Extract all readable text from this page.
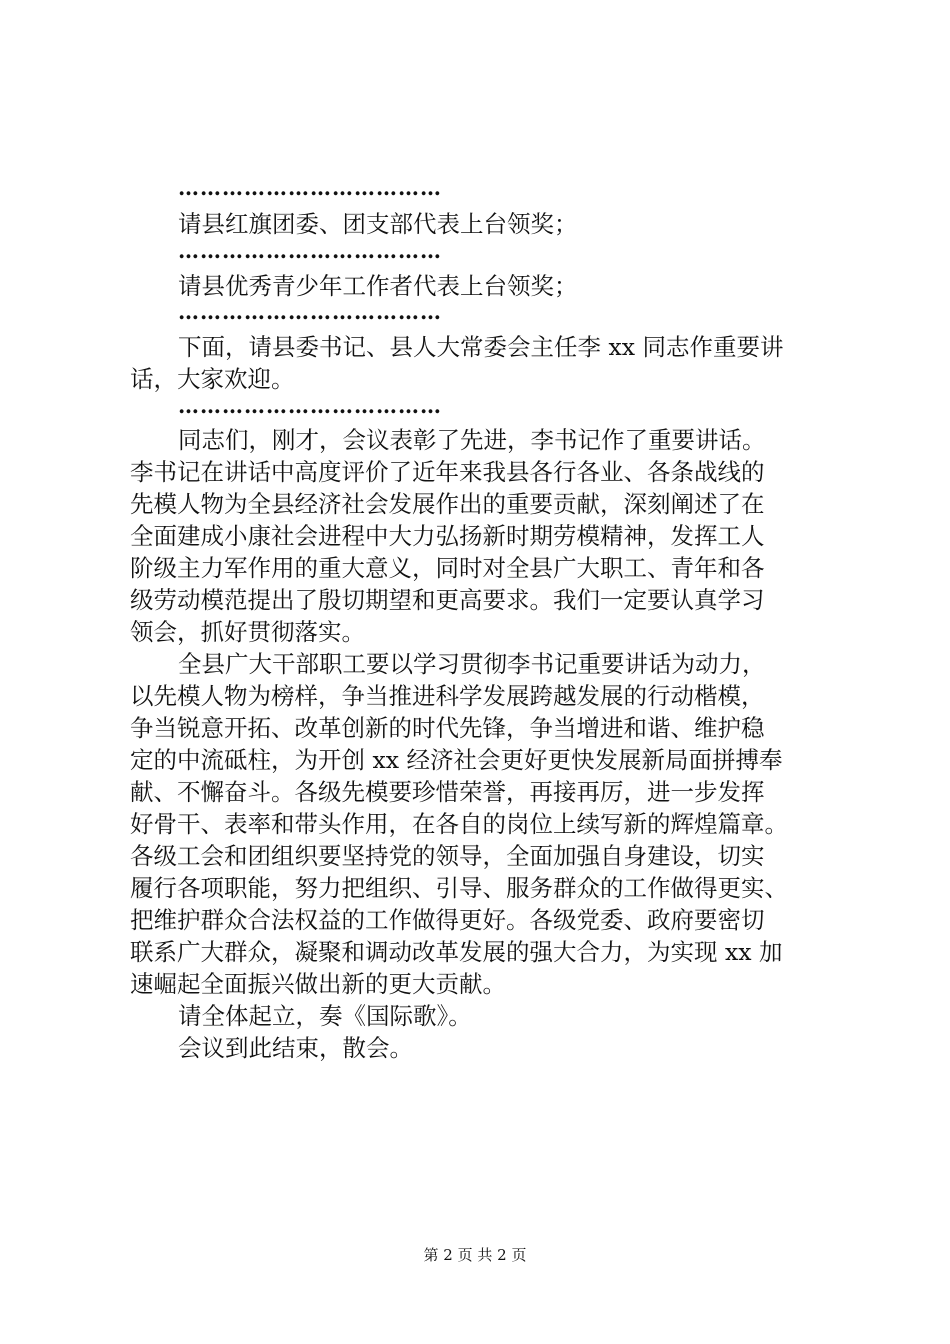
………………………………
请县红旗团委、团支部代表上台领奖；
………………………………
请县优秀青少年工作者代表上台领奖；
………………………………
下面，请县委书记、县人大常委会主任李 xx 同志作重要讲
话，大家欢迎。
………………………………
同志们，刚才，会议表彰了先进，李书记作了重要讲话。
李书记在讲话中高度评价了近年来我县各行各业、各条战线的
先模人物为全县经济社会发展作出的重要贡献，深刻阐述了在
全面建成小康社会进程中大力弘扬新时期劳模精神，发挥工人
阶级主力军作用的重大意义，同时对全县广大职工、青年和各
级劳动模范提出了殷切期望和更高要求。我们一定要认真学习
领会，抓好贯彻落实。
全县广大干部职工要以学习贯彻李书记重要讲话为动力，
以先模人物为榜样，争当推进科学发展跨越发展的行动楷模，
争当锐意开拓、改革创新的时代先锋，争当增进和谐、维护稳
定的中流砥柱，为开创 xx 经济社会更好更快发展新局面拼搏奉
献、不懈奋斗。各级先模要珍惜荣誉，再接再厉，进一步发挥
好骨干、表率和带头作用，在各自的岗位上续写新的辉煌篇章。
各级工会和团组织要坚持党的领导，全面加强自身建设，切实
履行各项职能，努力把组织、引导、服务群众的工作做得更实、
把维护群众合法权益的工作做得更好。各级党委、政府要密切
联系广大群众，凝聚和调动改革发展的强大合力，为实现 xx 加
速崛起全面振兴做出新的更大贡献。
请全体起立，奏《国际歌》。
会议到此结束，散会。
第 2 页 共 2 页
